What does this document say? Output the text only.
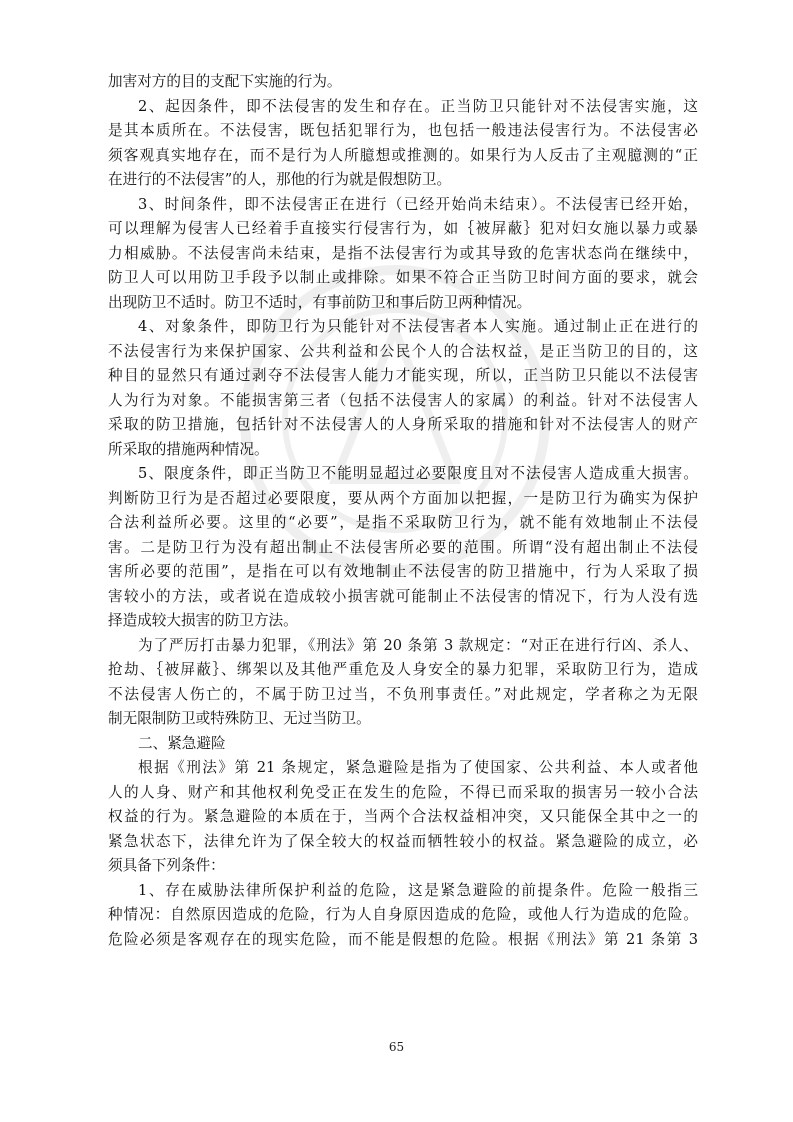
加害对方的目的支配下实施的行为。
2、起因条件，即不法侵害的发生和存在。正当防卫只能针对不法侵害实施，这
是其本质所在。不法侵害，既包括犯罪行为，也包括一般违法侵害行为。不法侵害必
须客观真实地存在，而不是行为人所臆想或推测的。如果行为人反击了主观臆测的“正
在进行的不法侵害”的人，那他的行为就是假想防卫。
3、时间条件，即不法侵害正在进行（已经开始尚未结束）。不法侵害已经开始，
可以理解为侵害人已经着手直接实行侵害行为，如｛被屏蔽｝犯对妇女施以暴力或暴
力相威胁。不法侵害尚未结束，是指不法侵害行为或其导致的危害状态尚在继续中，
防卫人可以用防卫手段予以制止或排除。如果不符合正当防卫时间方面的要求，就会
出现防卫不适时。防卫不适时，有事前防卫和事后防卫两种情况。
4、对象条件，即防卫行为只能针对不法侵害者本人实施。通过制止正在进行的
不法侵害行为来保护国家、公共利益和公民个人的合法权益，是正当防卫的目的，这
种目的显然只有通过剥夺不法侵害人能力才能实现，所以，正当防卫只能以不法侵害
人为行为对象。不能损害第三者（包括不法侵害人的家属）的利益。针对不法侵害人
采取的防卫措施，包括针对不法侵害人的人身所采取的措施和针对不法侵害人的财产
所采取的措施两种情况。
5、限度条件，即正当防卫不能明显超过必要限度且对不法侵害人造成重大损害。
判断防卫行为是否超过必要限度，要从两个方面加以把握，一是防卫行为确实为保护
合法利益所必要。这里的“必要”，是指不采取防卫行为，就不能有效地制止不法侵
害。二是防卫行为没有超出制止不法侵害所必要的范围。所谓“没有超出制止不法侵
害所必要的范围”，是指在可以有效地制止不法侵害的防卫措施中，行为人采取了损
害较小的方法，或者说在造成较小损害就可能制止不法侵害的情况下，行为人没有选
择造成较大损害的防卫方法。
为了严厉打击暴力犯罪，《刑法》第 20 条第 3 款规定：“对正在进行行凶、杀人、
抢劫、｛被屏蔽｝、绑架以及其他严重危及人身安全的暴力犯罪，采取防卫行为，造成
不法侵害人伤亡的，不属于防卫过当，不负刑事责任。”对此规定，学者称之为无限
制无限制防卫或特殊防卫、无过当防卫。
二、紧急避险
根据《刑法》第 21 条规定，紧急避险是指为了使国家、公共利益、本人或者他
人的人身、财产和其他权利免受正在发生的危险，不得已而采取的损害另一较小合法
权益的行为。紧急避险的本质在于，当两个合法权益相冲突，又只能保全其中之一的
紧急状态下，法律允许为了保全较大的权益而牺牲较小的权益。紧急避险的成立，必
须具备下列条件：
1、存在威胁法律所保护利益的危险，这是紧急避险的前提条件。危险一般指三
种情况：自然原因造成的危险，行为人自身原因造成的危险，或他人行为造成的危险。
危险必须是客观存在的现实危险，而不能是假想的危险。根据《刑法》第 21 条第 3
65
